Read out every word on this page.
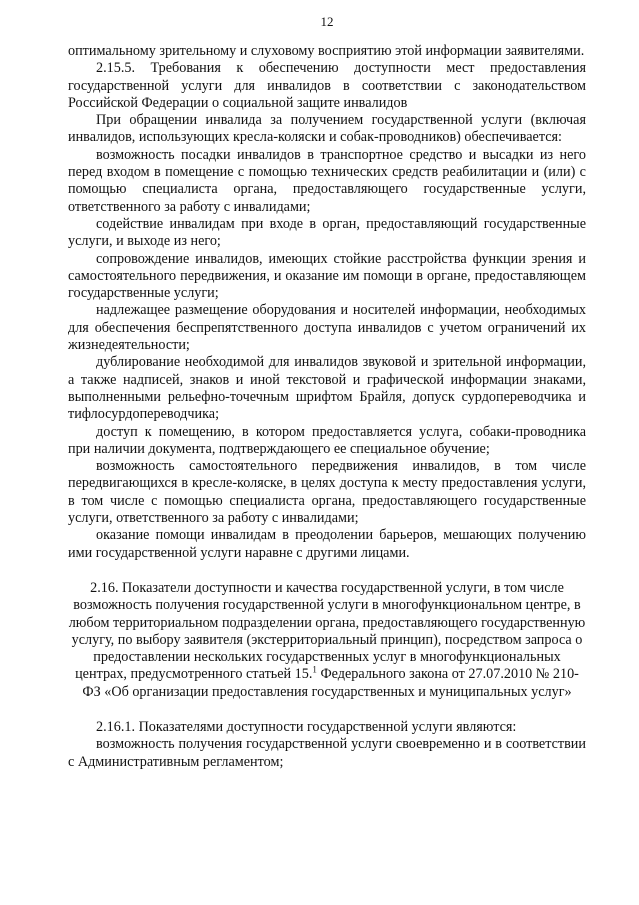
12

оптимальному зрительному и слуховому восприятию этой информации заявителями.

2.15.5. Требования к обеспечению доступности мест предоставления государственной услуги для инвалидов в соответствии с законодательством Российской Федерации о социальной защите инвалидов

При обращении инвалида за получением государственной услуги (включая инвалидов, использующих кресла-коляски и собак-проводников) обеспечивается:

возможность посадки инвалидов в транспортное средство и высадки из него перед входом в помещение с помощью технических средств реабилитации и (или) с помощью специалиста органа, предоставляющего государственные услуги, ответственного за работу с инвалидами;

содействие инвалидам при входе в орган, предоставляющий государственные услуги, и выходе из него;

сопровождение инвалидов, имеющих стойкие расстройства функции зрения и самостоятельного передвижения, и оказание им помощи в органе, предоставляющем государственные услуги;

надлежащее размещение оборудования и носителей информации, необходимых для обеспечения беспрепятственного доступа инвалидов с учетом ограничений их жизнедеятельности;

дублирование необходимой для инвалидов звуковой и зрительной информации, а также надписей, знаков и иной текстовой и графической информации знаками, выполненными рельефно-точечным шрифтом Брайля, допуск сурдопереводчика и тифлосурдопереводчика;

доступ к помещению, в котором предоставляется услуга, собаки-проводника при наличии документа, подтверждающего ее специальное обучение;

возможность самостоятельного передвижения инвалидов, в том числе передвигающихся в кресле-коляске, в целях доступа к месту предоставления услуги, в том числе с помощью специалиста органа, предоставляющего государственные услуги, ответственного за работу с инвалидами;

оказание помощи инвалидам в преодолении барьеров, мешающих получению ими государственной услуги наравне с другими лицами.

2.16. Показатели доступности и качества государственной услуги, в том числе возможность получения государственной услуги в многофункциональном центре, в любом территориальном подразделении органа, предоставляющего государственную услугу, по выбору заявителя (экстерриториальный принцип), посредством запроса о предоставлении нескольких государственных услуг в многофункциональных центрах, предусмотренного статьей 15.$^1$ Федерального закона от 27.07.2010 № 210-ФЗ «Об организации предоставления государственных и муниципальных услуг»

2.16.1. Показателями доступности государственной услуги являются:

возможность получения государственной услуги своевременно и в соответствии с Административным регламентом;
